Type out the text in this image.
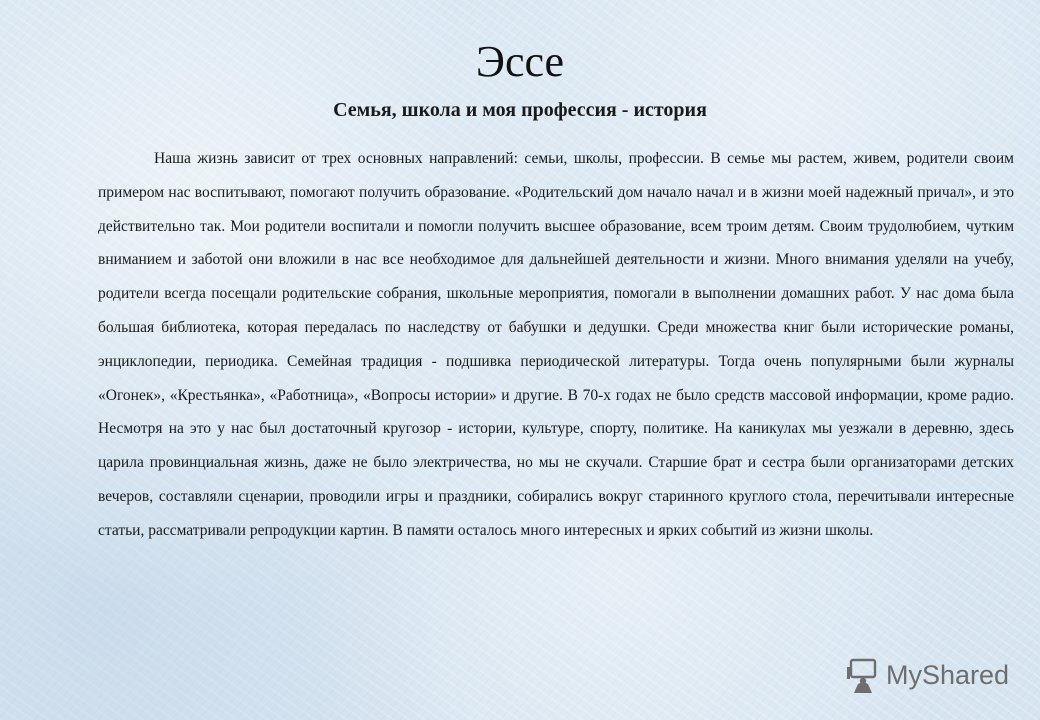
Эссе
Семья, школа и моя профессия - история

Наша жизнь зависит от трех основных направлений: семьи, школы, профессии. В семье мы растем, живем, родители своим примером нас воспитывают, помогают получить образование. «Родительский дом начало начал и в жизни моей надежный причал», и это действительно так. Мои родители воспитали и помогли получить высшее образование, всем троим детям. Своим трудолюбием, чутким вниманием и заботой они вложили в нас все необходимое для дальнейшей деятельности и жизни. Много внимания уделяли на учебу, родители всегда посещали родительские собрания, школьные мероприятия, помогали в выполнении домашних работ. У нас дома была большая библиотека, которая передалась по наследству от бабушки и дедушки. Среди множества книг были исторические романы, энциклопедии, периодика. Семейная традиция - подшивка периодической литературы. Тогда очень популярными были журналы «Огонек», «Крестьянка», «Работница», «Вопросы истории» и другие. В 70-х годах не было средств массовой информации, кроме радио. Несмотря на это у нас был достаточный кругозор - истории, культуре, спорту, политике. На каникулах мы уезжали в деревню, здесь царила провинциальная жизнь, даже не было электричества, но мы не скучали. Старшие брат и сестра были организаторами детских вечеров, составляли сценарии, проводили игры и праздники, собирались вокруг старинного круглого стола, перечитывали интересные статьи, рассматривали репродукции картин. В памяти осталось много интересных и ярких событий из жизни школы.

MyShared
